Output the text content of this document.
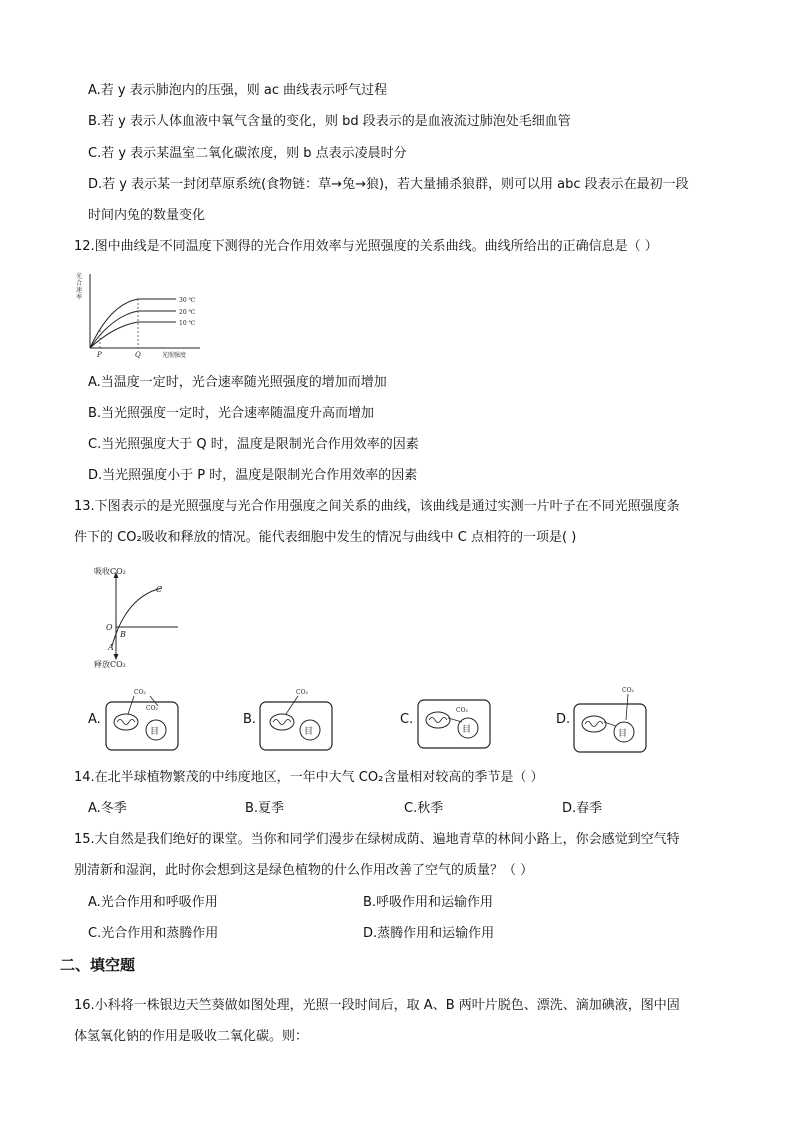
A.若 y 表示肺泡内的压强，则 ac 曲线表示呼气过程
B.若 y 表示人体血液中氧气含量的变化，则 bd 段表示的是血液流过肺泡处毛细血管
C.若 y 表示某温室二氧化碳浓度，则 b 点表示凌晨时分
D.若 y 表示某一封闭草原系统(食物链：草→兔→狼)，若大量捕杀狼群，则可以用 abc 段表示在最初一段
时间内兔的数量变化
12.图中曲线是不同温度下测得的光合作用效率与光照强度的关系曲线。曲线所给出的正确信息是（ ）
光 合 速 率	30 ℃
20 ℃
10 ℃
P	Q	光照强度
A.当温度一定时，光合速率随光照强度的增加而增加
B.当光照强度一定时，光合速率随温度升高而增加
C.当光照强度大于 Q 时，温度是限制光合作用效率的因素
D.当光照强度小于 P 时，温度是限制光合作用效率的因素
13.下图表示的是光照强度与光合作用强度之间关系的曲线，该曲线是通过实测一片叶子在不同光照强度条
件下的 CO₂吸收和释放的情况。能代表细胞中发生的情况与曲线中 C 点相符的一项是( )
吸收CO₂
释放CO₂
O
B
A
C
A.
目
CO₂
CO₂
B.
目
CO₂
C.
目
CO₂
D.
目
CO₂
14.在北半球植物繁茂的中纬度地区，一年中大气 CO₂含量相对较高的季节是（ ）
A.冬季	B.夏季	C.秋季	D.春季
15.大自然是我们绝好的课堂。当你和同学们漫步在绿树成荫、遍地青草的林间小路上，你会感觉到空气特
别清新和湿润，此时你会想到这是绿色植物的什么作用改善了空气的质量？（ ）
A.光合作用和呼吸作用	B.呼吸作用和运输作用
C.光合作用和蒸腾作用	D.蒸腾作用和运输作用
二、填空题
16.小科将一株银边天竺葵做如图处理，光照一段时间后，取 A、B 两叶片脱色、漂洗、滴加碘液，图中固
体氢氧化钠的作用是吸收二氧化碳。则：
